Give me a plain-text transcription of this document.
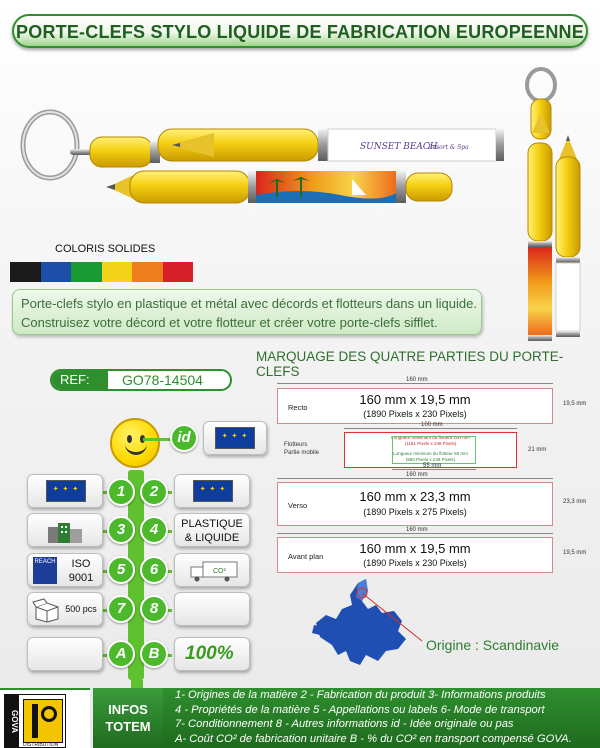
PORTE-CLEFS STYLO LIQUIDE DE FABRICATION EUROPEENNE
SUNSET BEACH
Resort & Spa
COLORIS SOLIDES
Porte-clefs stylo en plastique et métal avec décords et flotteurs dans un liquide.
Construisez votre décord et votre flotteur et créer votre porte-clefs sifflet.
REF:	GO78-14504
MARQUAGE DES QUATRE PARTIES DU PORTE-CLEFS
160 mm
Recto
160 mm x 19,5 mm
(1890 Pixels x 230 Pixels)
19,5 mm
100 mm
Flotteurs
Partie mobile
Longueur maximum du flotteur 100 mm
(1181 Pixels x 248 Pixels)
Longueur minimum du flotteur 55 mm
(650 Pixels x 248 Pixels)
55 mm
21 mm
160 mm
Verso
160 mm x 23,3 mm
(1890 Pixels x 275 Pixels)
23,3 mm
160 mm
Avant plan
160 mm x 19,5 mm
(1890 Pixels x 230 Pixels)
19,5 mm
Origine : Scandinavie
id
✦ ✦ ✦
1	2
✦ ✦ ✦
✦ ✦ ✦
3	4	PLASTIQUE
& LIQUIDE
5	6
REACH	ISO
9001
CO²
7	8
500 pcs
A	B	100%
GOVA
DISTRIBUTION
INFOS
TOTEM
1- Origines de la matière 2 - Fabrication du produit 3- Informations produits
4 - Propriétés de la matière 5 - Appellations ou labels 6- Mode de transport
7- Conditionnement 8 - Autres informations id - Idée originale ou pas
A- Coût CO² de fabrication unitaire B - % du CO² en transport compensé GOVA.
